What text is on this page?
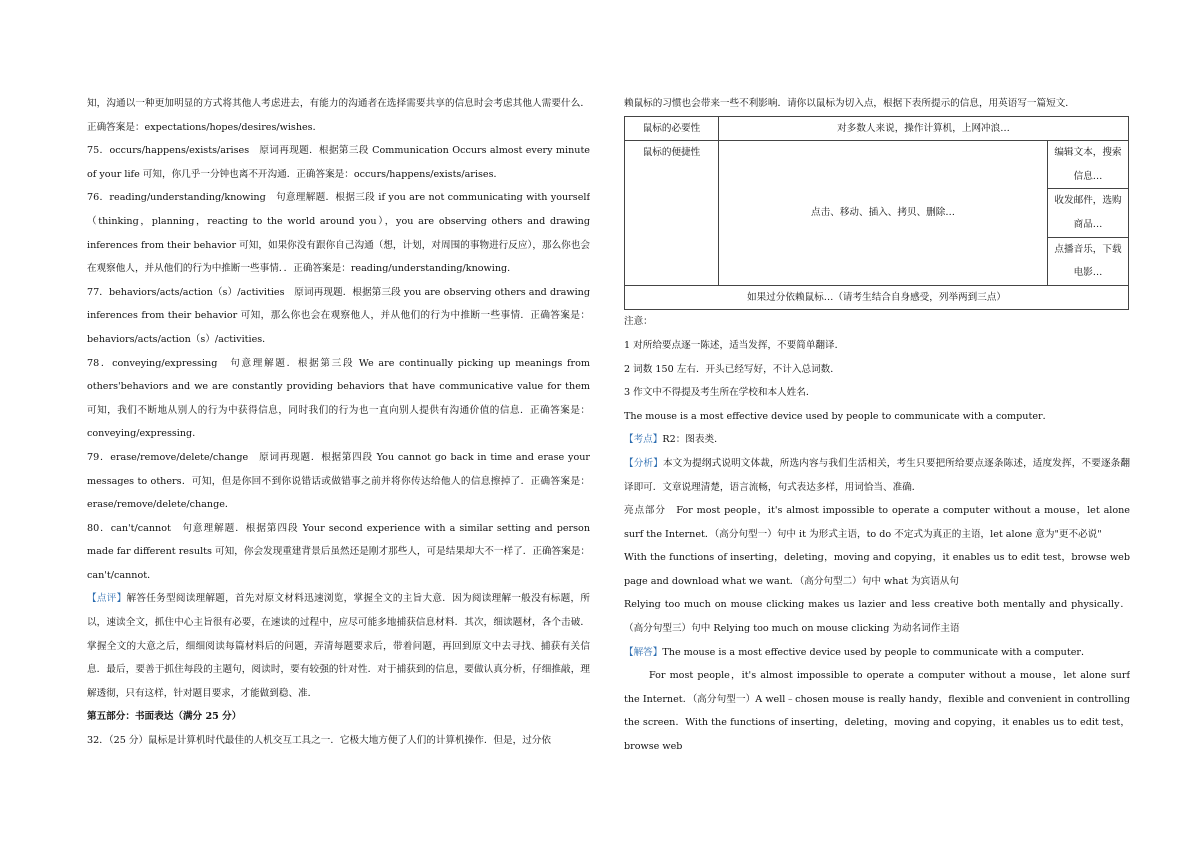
知，沟通以一种更加明显的方式将其他人考虑进去，有能力的沟通者在选择需要共享的信息时会考虑其他人需要什么．正确答案是：expectations/hopes/desires/wishes．

75．occurs/happens/exists/arises　原词再现题．根据第三段 Communication Occurs almost every minute of your life 可知，你几乎一分钟也离不开沟通．正确答案是：occurs/happens/exists/arises．

76．reading/understanding/knowing　句意理解题．根据三段 if you are not communicating with yourself（thinking，planning，reacting to the world around you），you are observing others and drawing inferences from their behavior 可知，如果你没有跟你自己沟通（想，计划，对周围的事物进行反应），那么你也会在观察他人，并从他们的行为中推断一些事情．．正确答案是：reading/understanding/knowing．

77．behaviors/acts/action（s）/activities　原词再现题．根据第三段 you are observing others and drawing inferences from their behavior 可知，那么你也会在观察他人，并从他们的行为中推断一些事情．正确答案是：behaviors/acts/action（s）/activities．

78．conveying/expressing　句意理解题．根据第三段 We are continually picking up meanings from others'behaviors and we are constantly providing behaviors that have communicative value for them 可知，我们不断地从别人的行为中获得信息，同时我们的行为也一直向别人提供有沟通价值的信息．正确答案是：conveying/expressing．

79．erase/remove/delete/change　原词再现题．根据第四段 You cannot go back in time and erase your messages to others．可知，但是你回不到你说错话或做错事之前并将你传达给他人的信息擦掉了．正确答案是：erase/remove/delete/change．

80．can't/cannot　句意理解题．根据第四段 Your second experience with a similar setting and person made far different results 可知，你会发现重建背景后虽然还是刚才那些人，可是结果却大不一样了．正确答案是：can't/cannot．

【点评】解答任务型阅读理解题，首先对原文材料迅速浏览，掌握全文的主旨大意．因为阅读理解一般没有标题，所以，速读全文，抓住中心主旨很有必要，在速读的过程中，应尽可能多地捕获信息材料．其次，细读题材，各个击破．掌握全文的大意之后，细细阅读每篇材料后的问题，弄清每题要求后，带着问题，再回到原文中去寻找、捕获有关信息．最后，要善于抓住每段的主题句，阅读时，要有较强的针对性．对于捕获到的信息，要做认真分析，仔细推敲，理解透彻，只有这样，针对题目要求，才能做到稳、准．

第五部分：书面表达（满分 25 分）

32．（25 分）鼠标是计算机时代最佳的人机交互工具之一．它极大地方便了人们的计算机操作．但是，过分依

赖鼠标的习惯也会带来一些不利影响．请你以鼠标为切入点，根据下表所提示的信息，用英语写一篇短文．

鼠标的必要性	对多数人来说，操作计算机，上网冲浪…	
鼠标的便捷性	点击、移动、插入、拷贝、删除…	编辑文本，搜索信息…
		收发邮件，选购商品…
		点播音乐，下载电影…
如果过分依赖鼠标…（请考生结合自身感受，列举两到三点）		

注意：

1 对所给要点逐一陈述，适当发挥，不要简单翻译．

2 词数 150 左右．开头已经写好，不计入总词数．

3 作文中不得提及考生所在学校和本人姓名．

The mouse is a most effective device used by people to communicate with a computer．

【考点】R2：图表类．

【分析】本文为提纲式说明文体裁，所选内容与我们生活相关，考生只要把所给要点逐条陈述，适度发挥，不要逐条翻译即可．文章说理清楚，语言流畅，句式表达多样，用词恰当、准确．

亮点部分　For most people，it's almost impossible to operate a computer without a mouse，let alone surf the Internet．（高分句型一）句中 it 为形式主语，to do 不定式为真正的主语，let alone 意为"更不必说"

With the functions of inserting，deleting，moving and copying，it enables us to edit test，browse web page and download what we want．（高分句型二）句中 what 为宾语从句

Relying too much on mouse clicking makes us lazier and less creative both mentally and physically．（高分句型三）句中 Relying too much on mouse clicking 为动名词作主语

【解答】The mouse is a most effective device used by people to communicate with a computer．

For most people，it's almost impossible to operate a computer without a mouse，let alone surf the Internet．（高分句型一）A well﹣chosen mouse is really handy，flexible and convenient in controlling the screen．With the functions of inserting，deleting，moving and copying，it enables us to edit test，browse web
